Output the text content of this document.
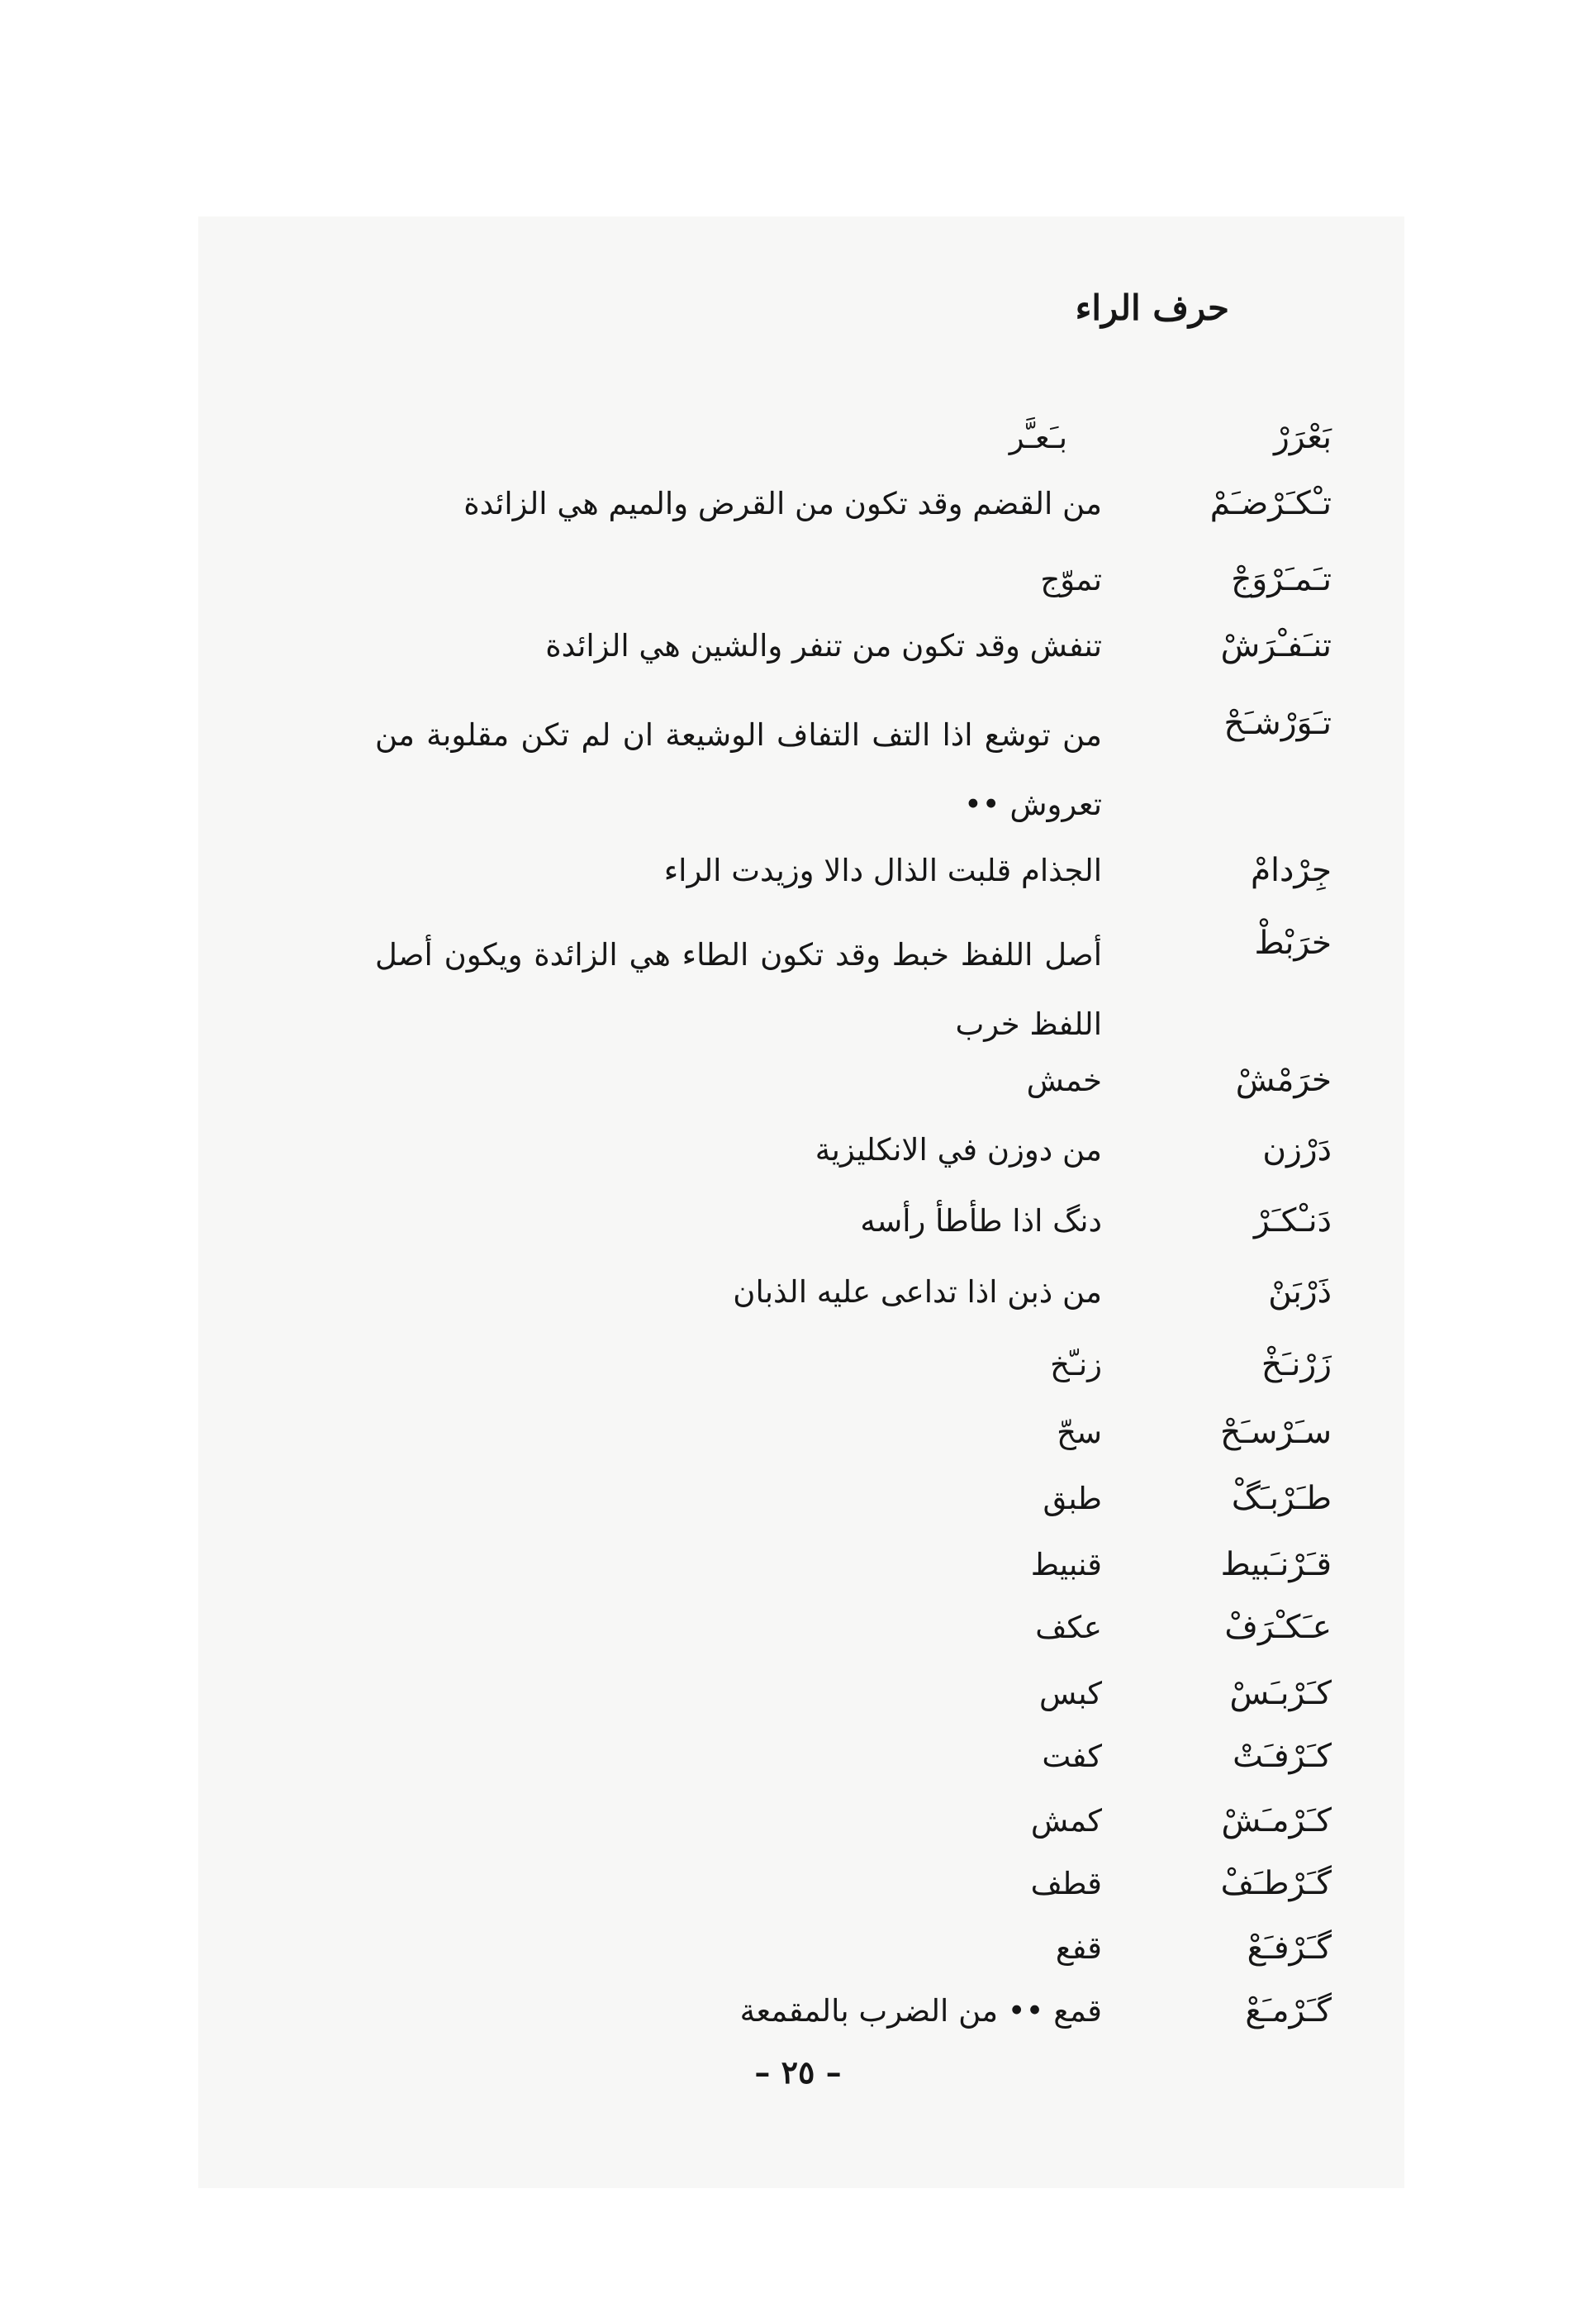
حرف الراء
بَعْرَرْ
بـَعـَّر
تـْكـَرْضـَمْ
من القضم وقد تكون من القرض والميم هي الزائدة
تـَمـَرْوَجْ
تموّج
تنـَفـْرَشْ
تنفش وقد تكون من تنفر والشين هي الزائدة
تـَوَرْشـَحْ
من توشع اذا التف التفاف الوشيعة ان لم تكن مقلوبة من تعروش ••
جِرْدامْ
الجذام قلبت الذال دالا وزيدت الراء
خرَبْطْ
أصل اللفظ خبط وقد تكون الطاء هي الزائدة ويكون أصل اللفظ خرب
خرَمْشْ
خمش
دَرْزن
من دوزن في الانكليزية
دَنـْكـَرْ
دنگ اذا طأطأ رأسه
ذَرْبَنْ
من ذبن اذا تداعى عليه الذبان
زَرْنـَخْ
زنـّخ
سـَرْسـَحْ
سحّ
طـَرْبـَگْ
طبق
قـَرْنـَبيط
قنبيط
عـَكـْرَفْ
عكف
كـَرْبـَسْ
كبس
كـَرْفـَتْ
كفت
كـَرْمـَشْ
كمش
گـَرْطـَفْ
قطف
گـَرْفـَعْ
قفع
گـَرْمـَعْ
قمع •• من الضرب بالمقمعة
– ٢٥ –
